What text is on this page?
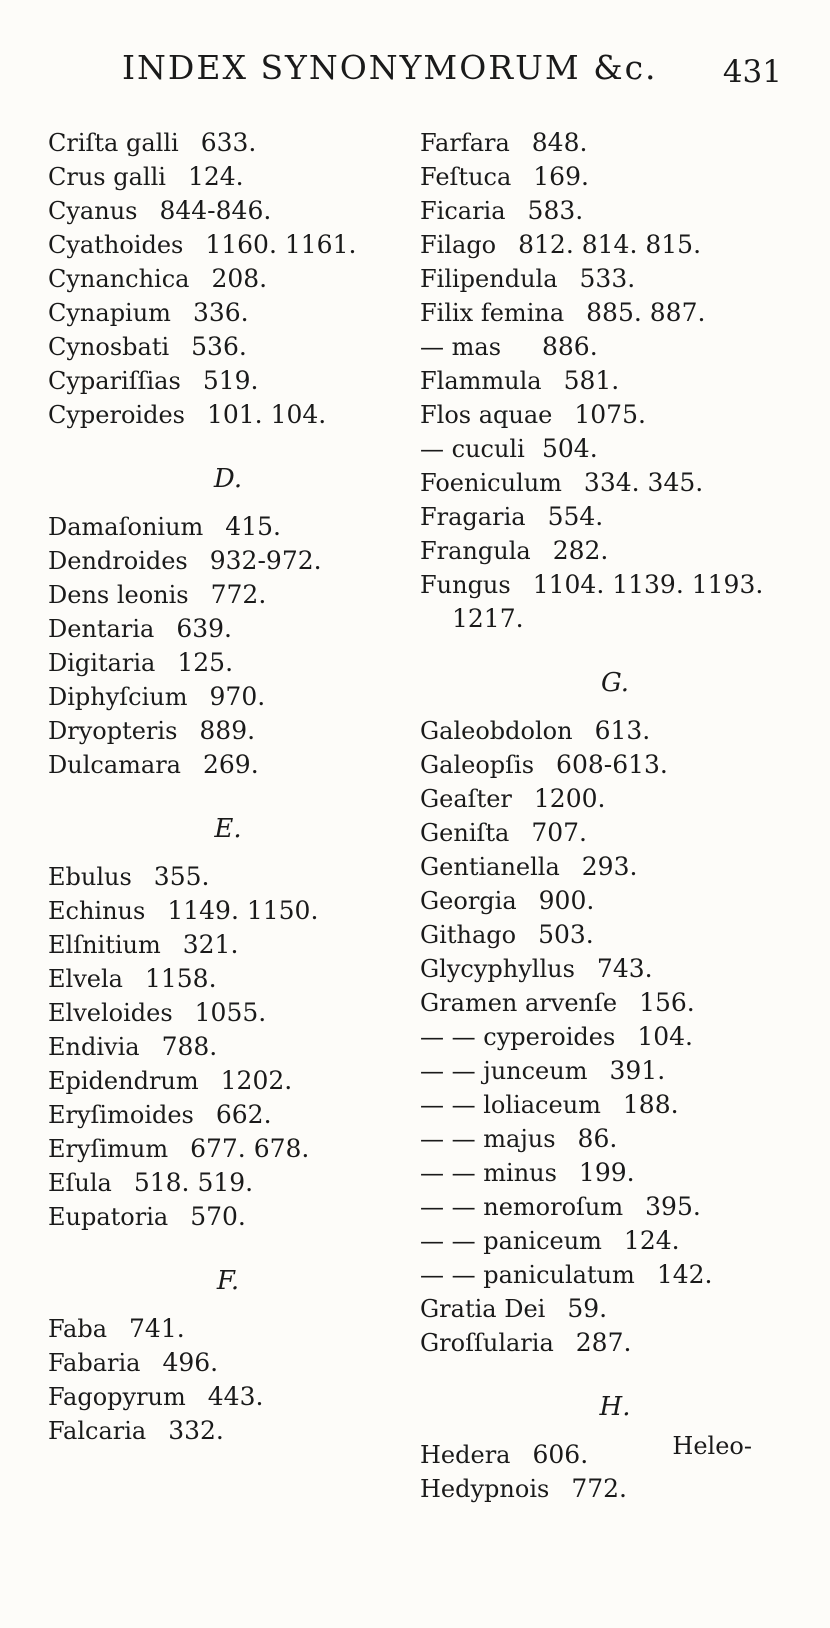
INDEX SYNONYMORUM &c. 431
Criſta galli 633.
Crus galli 124.
Cyanus 844-846.
Cyathoides 1160. 1161.
Cynanchica 208.
Cynapium 336.
Cynosbati 536.
Cypariſſias 519.
Cyperoides 101. 104.
D.
Damaſonium 415.
Dendroides 932-972.
Dens leonis 772.
Dentaria 639.
Digitaria 125.
Diphyſcium 970.
Dryopteris 889.
Dulcamara 269.
E.
Ebulus 355.
Echinus 1149. 1150.
Elſnitium 321.
Elvela 1158.
Elveloides 1055.
Endivia 788.
Epidendrum 1202.
Eryſimoides 662.
Eryſimum 677. 678.
Eſula 518. 519.
Eupatoria 570.
F.
Faba 741.
Fabaria 496.
Fagopyrum 443.
Falcaria 332.
Farfara 848.
Feſtuca 169.
Ficaria 583.
Filago 812. 814. 815.
Filipendula 533.
Filix femina 885. 887.
— mas	886.
Flammula 581.
Flos aquae 1075.
— cuculi 504.
Foeniculum 334. 345.
Fragaria 554.
Frangula 282.
Fungus 1104. 1139. 1193.
1217.
G.
Galeobdolon 613.
Galeopſis 608-613.
Geaſter 1200.
Geniſta 707.
Gentianella 293.
Georgia 900.
Githago 503.
Glycyphyllus 743.
Gramen arvenſe 156.
— — cyperoides 104.
— — junceum 391.
— — loliaceum 188.
— — majus 86.
— — minus 199.
— — nemoroſum 395.
— — paniceum 124.
— — paniculatum 142.
Gratia Dei 59.
Groſſularia 287.
H.
Hedera 606.
Hedypnois 772.
Heleo-
